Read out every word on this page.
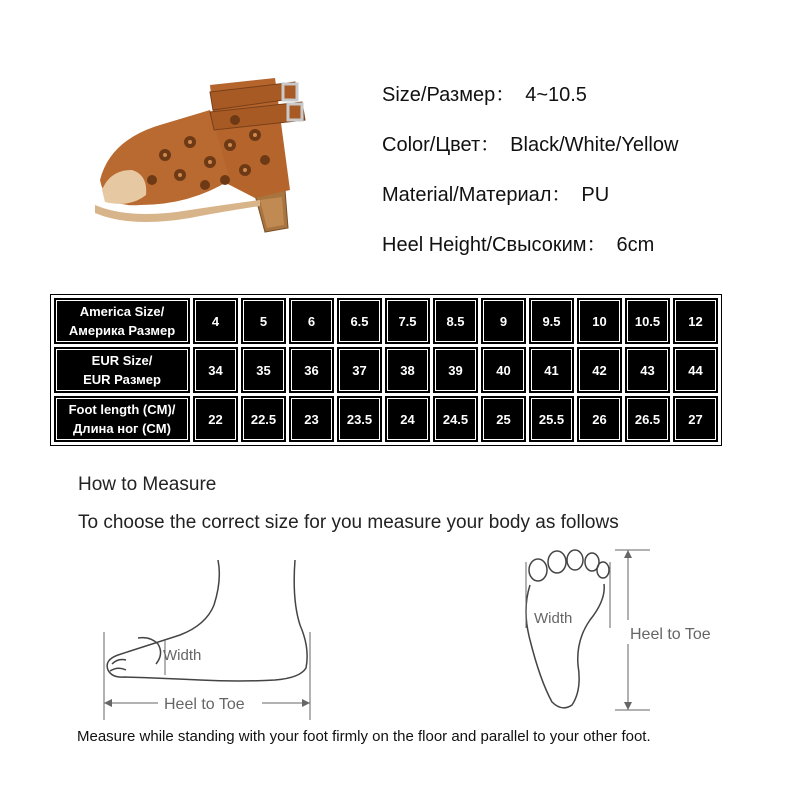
Size/Размер： 4~10.5
Color/Цвет： Black/White/Yellow
Material/Материал： PU
Heel Height/Свысоким： 6cm
America Size/
Америка Размер	4	5	6	6.5	7.5	8.5	9	9.5	10	10.5	12

EUR Size/
EUR Размер	34	35	36	37	38	39	40	41	42	43	44

Foot length (CM)/
Длина ног (CM)	22	22.5	23	23.5	24	24.5	25	25.5	26	26.5	27
How to Measure
To choose the correct size for you measure your body as follows
Width
Heel to Toe
Width
Heel to Toe
Measure while standing with your foot firmly on the floor and parallel to your other foot.
